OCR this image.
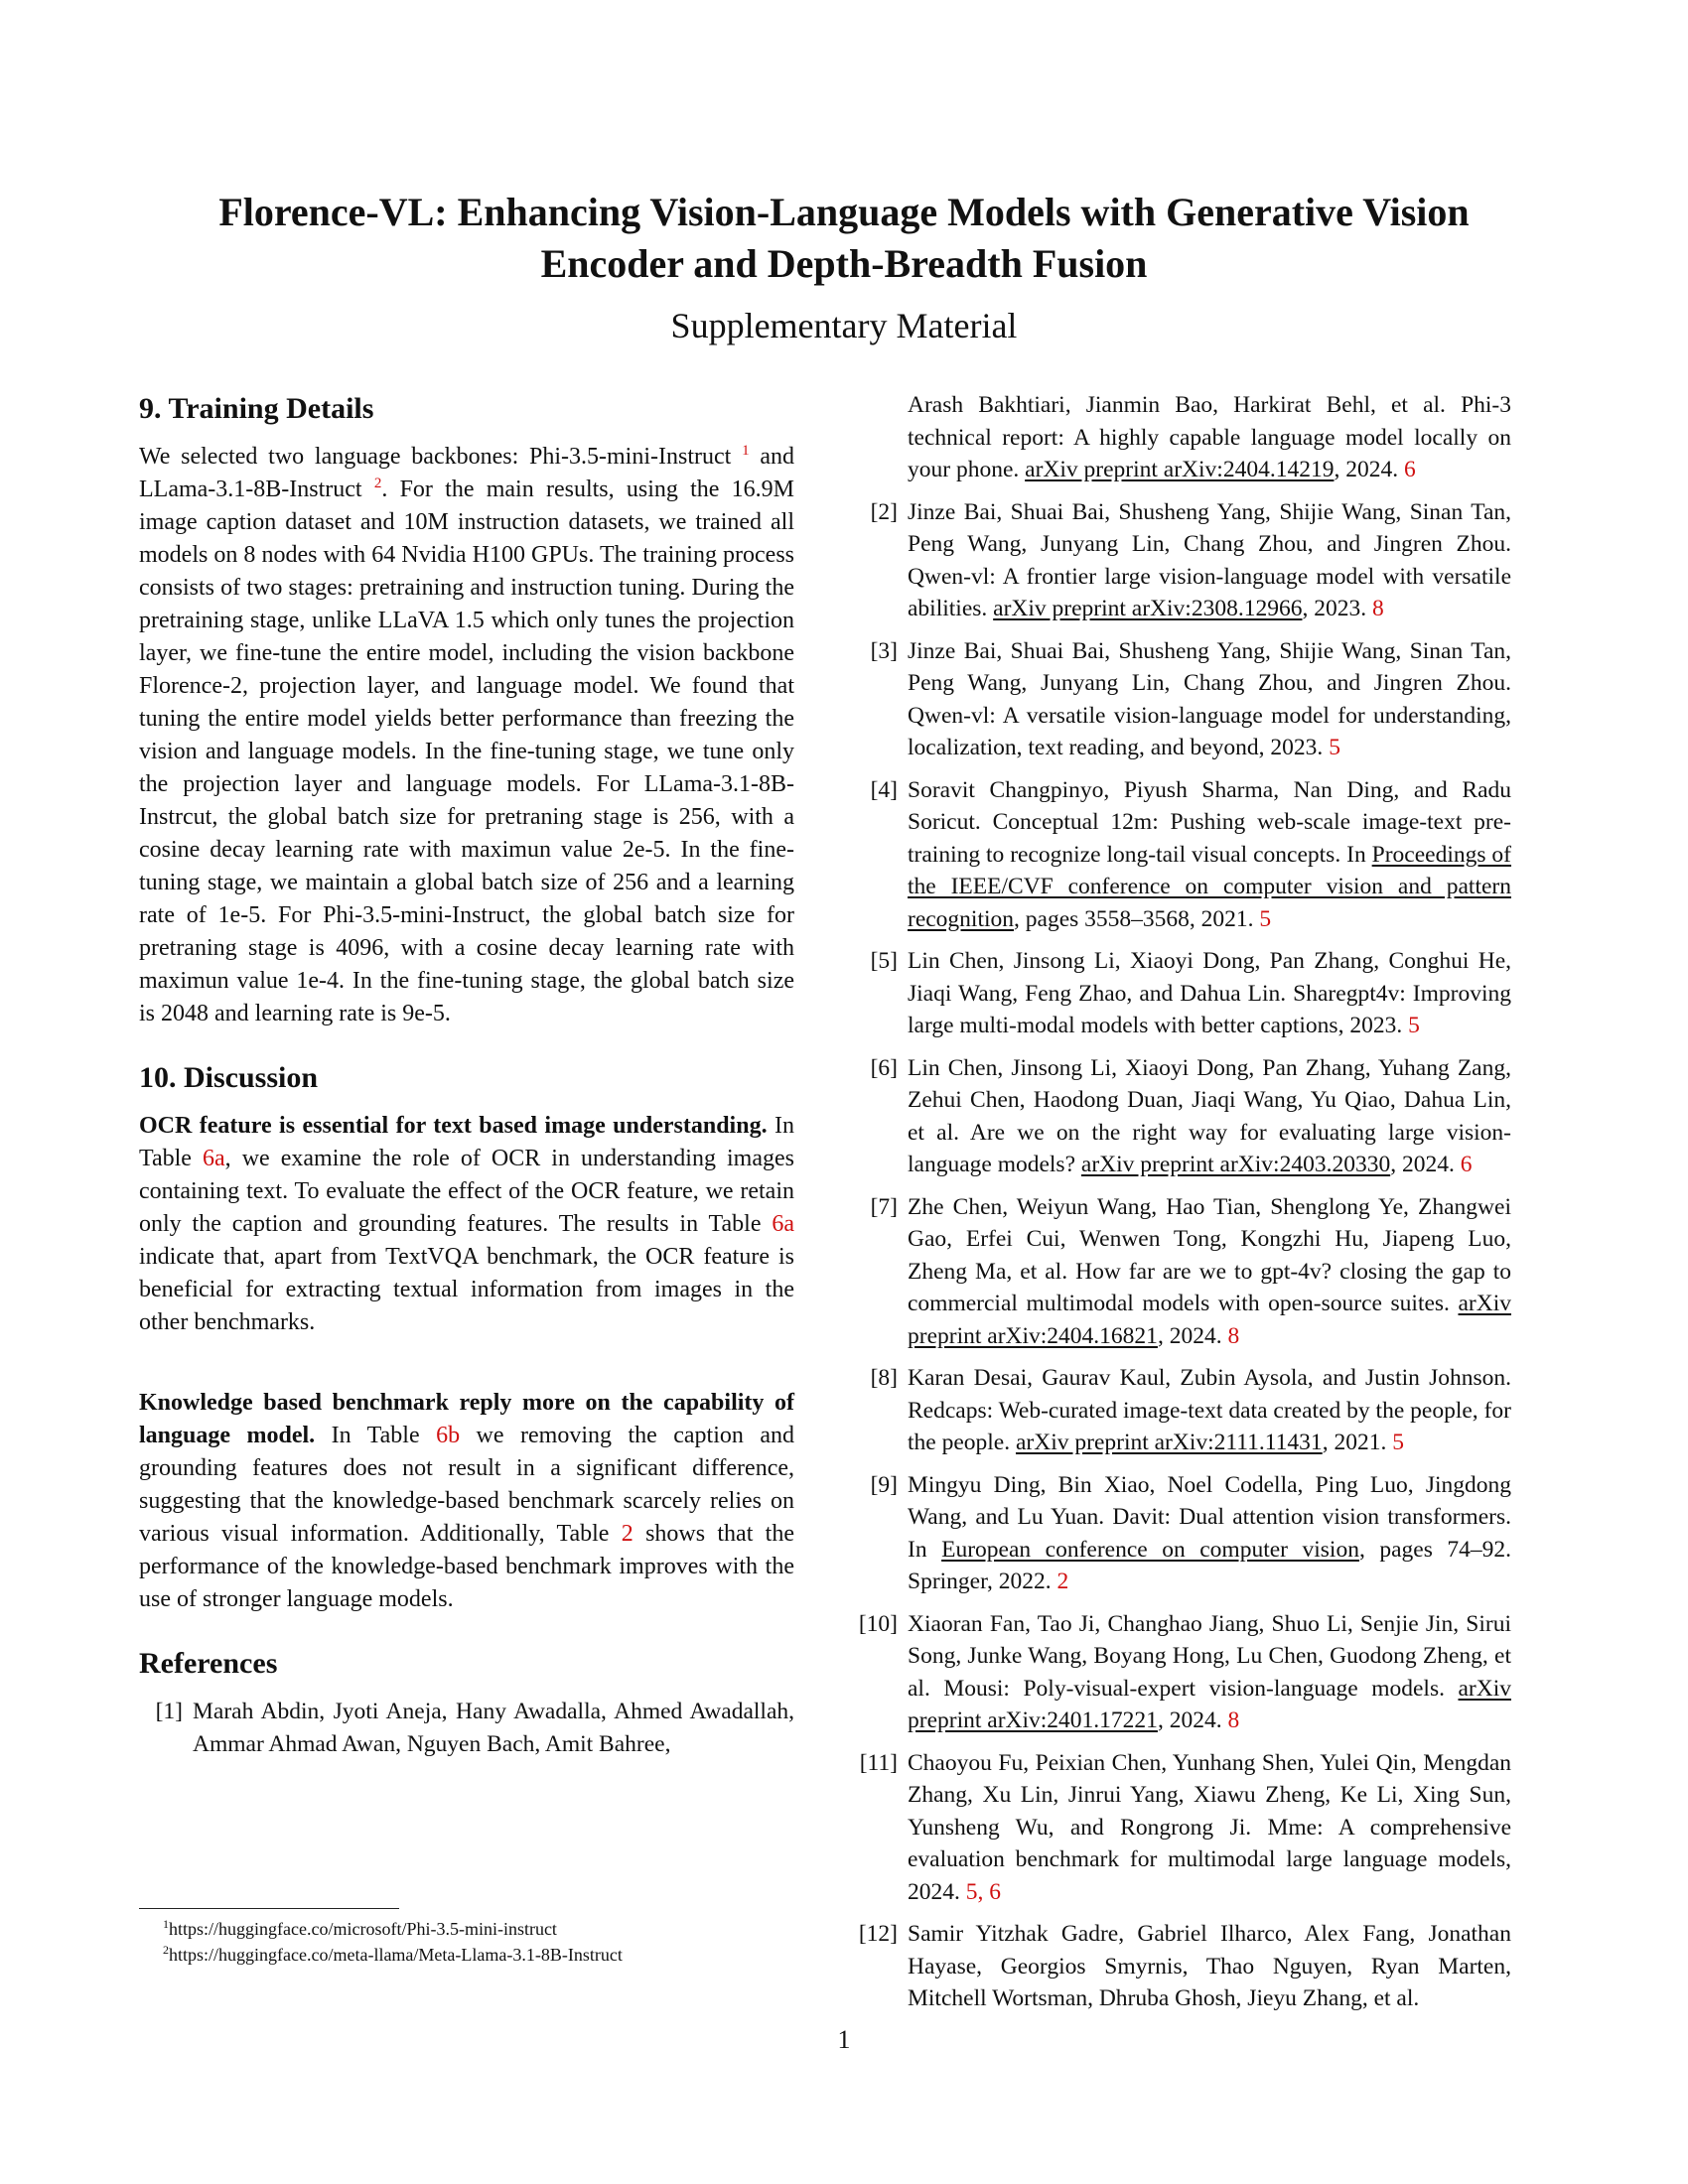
Florence-VL: Enhancing Vision-Language Models with Generative Vision
Encoder and Depth-Breadth Fusion
Supplementary Material
9. Training Details

We selected two language backbones: Phi-3.5-mini-Instruct $^1$ and LLama-3.1-8B-Instruct $^2$. For the main results, using the 16.9M image caption dataset and 10M instruction datasets, we trained all models on 8 nodes with 64 Nvidia H100 GPUs. The training process consists of two stages: pretraining and instruction tuning. During the pretraining stage, unlike LLaVA 1.5 which only tunes the projection layer, we fine-tune the entire model, including the vision backbone Florence-2, projection layer, and language model. We found that tuning the entire model yields better performance than freezing the vision and language models. In the fine-tuning stage, we tune only the projection layer and language models. For LLama-3.1-8B-Instrcut, the global batch size for pretraning stage is 256, with a cosine decay learning rate with maximun value 2e-5. In the fine-tuning stage, we maintain a global batch size of 256 and a learning rate of 1e-5. For Phi-3.5-mini-Instruct, the global batch size for pretraning stage is 4096, with a cosine decay learning rate with maximun value 1e-4. In the fine-tuning stage, the global batch size is 2048 and learning rate is 9e-5.

10. Discussion

OCR feature is essential for text based image understanding. In Table 6a, we examine the role of OCR in understanding images containing text. To evaluate the effect of the OCR feature, we retain only the caption and grounding features. The results in Table 6a indicate that, apart from TextVQA benchmark, the OCR feature is beneficial for extracting textual information from images in the other benchmarks.

Knowledge based benchmark reply more on the capability of language model. In Table 6b we removing the caption and grounding features does not result in a significant difference, suggesting that the knowledge-based benchmark scarcely relies on various visual information. Additionally, Table 2 shows that the performance of the knowledge-based benchmark improves with the use of stronger language models.

References
[1] Marah Abdin, Jyoti Aneja, Hany Awadalla, Ahmed Awadallah, Ammar Ahmad Awan, Nguyen Bach, Amit Bahree,
Arash Bakhtiari, Jianmin Bao, Harkirat Behl, et al. Phi-3 technical report: A highly capable language model locally on your phone. arXiv preprint arXiv:2404.14219, 2024. 6
[2] Jinze Bai, Shuai Bai, Shusheng Yang, Shijie Wang, Sinan Tan, Peng Wang, Junyang Lin, Chang Zhou, and Jingren Zhou. Qwen-vl: A frontier large vision-language model with versatile abilities. arXiv preprint arXiv:2308.12966, 2023. 8
[3] Jinze Bai, Shuai Bai, Shusheng Yang, Shijie Wang, Sinan Tan, Peng Wang, Junyang Lin, Chang Zhou, and Jingren Zhou. Qwen-vl: A versatile vision-language model for understanding, localization, text reading, and beyond, 2023. 5
[4] Soravit Changpinyo, Piyush Sharma, Nan Ding, and Radu Soricut. Conceptual 12m: Pushing web-scale image-text pre-training to recognize long-tail visual concepts. In Proceedings of the IEEE/CVF conference on computer vision and pattern recognition, pages 3558–3568, 2021. 5
[5] Lin Chen, Jinsong Li, Xiaoyi Dong, Pan Zhang, Conghui He, Jiaqi Wang, Feng Zhao, and Dahua Lin. Sharegpt4v: Improving large multi-modal models with better captions, 2023. 5
[6] Lin Chen, Jinsong Li, Xiaoyi Dong, Pan Zhang, Yuhang Zang, Zehui Chen, Haodong Duan, Jiaqi Wang, Yu Qiao, Dahua Lin, et al. Are we on the right way for evaluating large vision-language models? arXiv preprint arXiv:2403.20330, 2024. 6
[7] Zhe Chen, Weiyun Wang, Hao Tian, Shenglong Ye, Zhangwei Gao, Erfei Cui, Wenwen Tong, Kongzhi Hu, Jiapeng Luo, Zheng Ma, et al. How far are we to gpt-4v? closing the gap to commercial multimodal models with open-source suites. arXiv preprint arXiv:2404.16821, 2024. 8
[8] Karan Desai, Gaurav Kaul, Zubin Aysola, and Justin Johnson. Redcaps: Web-curated image-text data created by the people, for the people. arXiv preprint arXiv:2111.11431, 2021. 5
[9] Mingyu Ding, Bin Xiao, Noel Codella, Ping Luo, Jingdong Wang, and Lu Yuan. Davit: Dual attention vision transformers. In European conference on computer vision, pages 74–92. Springer, 2022. 2
[10] Xiaoran Fan, Tao Ji, Changhao Jiang, Shuo Li, Senjie Jin, Sirui Song, Junke Wang, Boyang Hong, Lu Chen, Guodong Zheng, et al. Mousi: Poly-visual-expert vision-language models. arXiv preprint arXiv:2401.17221, 2024. 8
[11] Chaoyou Fu, Peixian Chen, Yunhang Shen, Yulei Qin, Mengdan Zhang, Xu Lin, Jinrui Yang, Xiawu Zheng, Ke Li, Xing Sun, Yunsheng Wu, and Rongrong Ji. Mme: A comprehensive evaluation benchmark for multimodal large language models, 2024. 5, 6
[12] Samir Yitzhak Gadre, Gabriel Ilharco, Alex Fang, Jonathan Hayase, Georgios Smyrnis, Thao Nguyen, Ryan Marten, Mitchell Wortsman, Dhruba Ghosh, Jieyu Zhang, et al.
$^1$https://huggingface.co/microsoft/Phi-3.5-mini-instruct
$^2$https://huggingface.co/meta-llama/Meta-Llama-3.1-8B-Instruct
1
